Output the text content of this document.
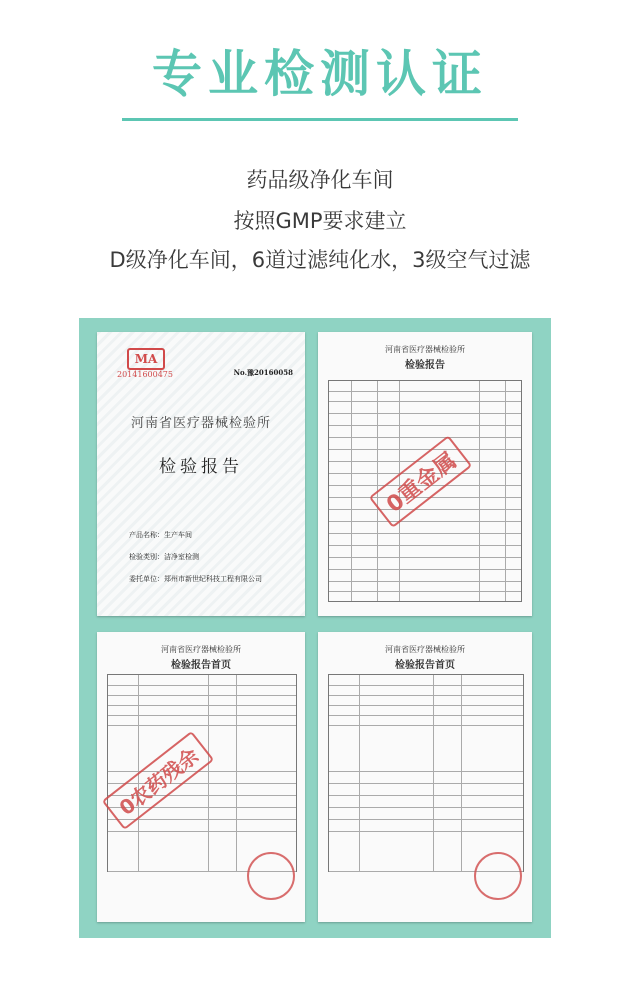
专业检测认证
药品级净化车间
按照GMP要求建立
D级净化车间，6道过滤纯化水，3级空气过滤
MA
20141600475	No.豫20160058
河南省医疗器械检验所
检验报告
产品名称：生产车间
检验类别：洁净室检测
委托单位：郑州市新世纪科技工程有限公司
河南省医疗器械检验所
检验报告
0重金属
河南省医疗器械检验所
检验报告首页
0农药残余
河南省医疗器械检验所
检验报告首页
